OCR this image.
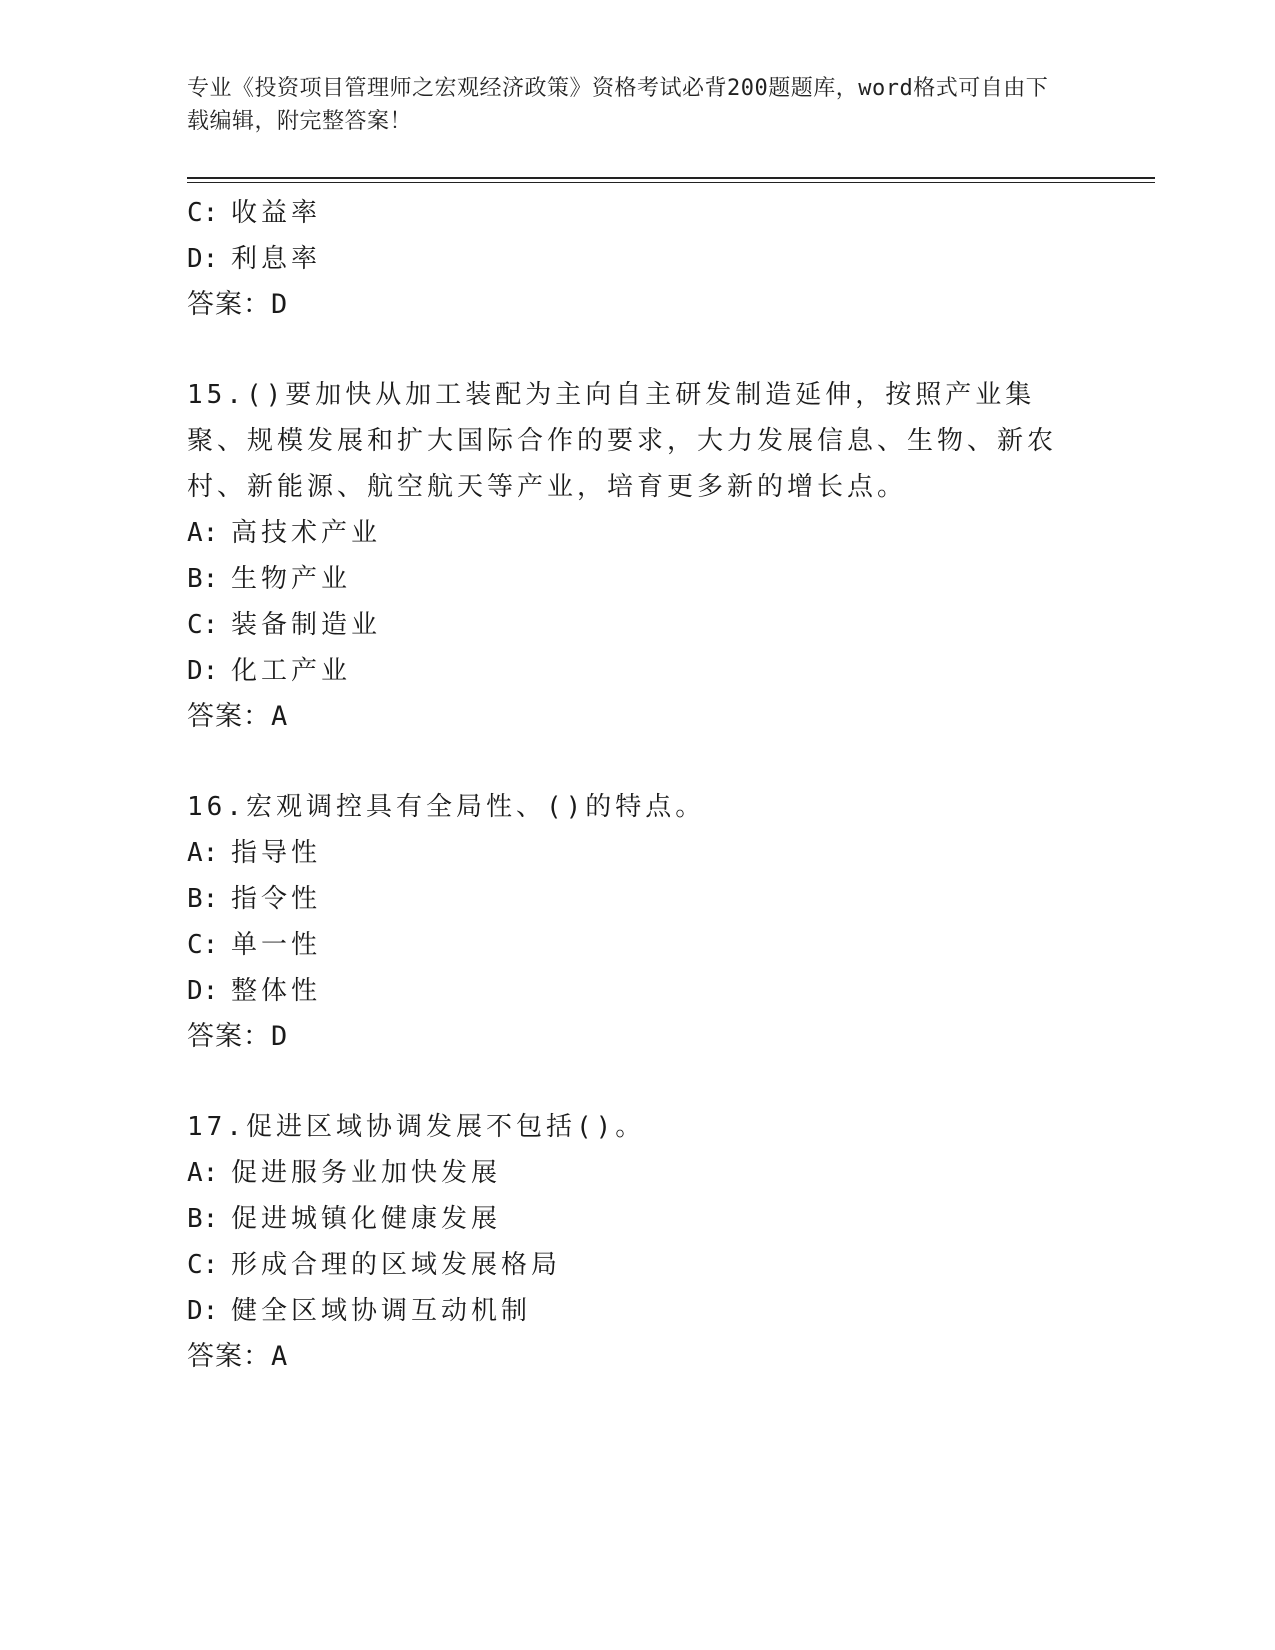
专业《投资项目管理师之宏观经济政策》资格考试必背200题题库，word格式可自由下载编辑，附完整答案！
C: 收益率
D: 利息率
答案：D
15.()要加快从加工装配为主向自主研发制造延伸，按照产业集聚、规模发展和扩大国际合作的要求，大力发展信息、生物、新农村、新能源、航空航天等产业，培育更多新的增长点。
A: 高技术产业
B: 生物产业
C: 装备制造业
D: 化工产业
答案：A
16.宏观调控具有全局性、()的特点。
A: 指导性
B: 指令性
C: 单一性
D: 整体性
答案：D
17.促进区域协调发展不包括()。
A: 促进服务业加快发展
B: 促进城镇化健康发展
C: 形成合理的区域发展格局
D: 健全区域协调互动机制
答案：A
